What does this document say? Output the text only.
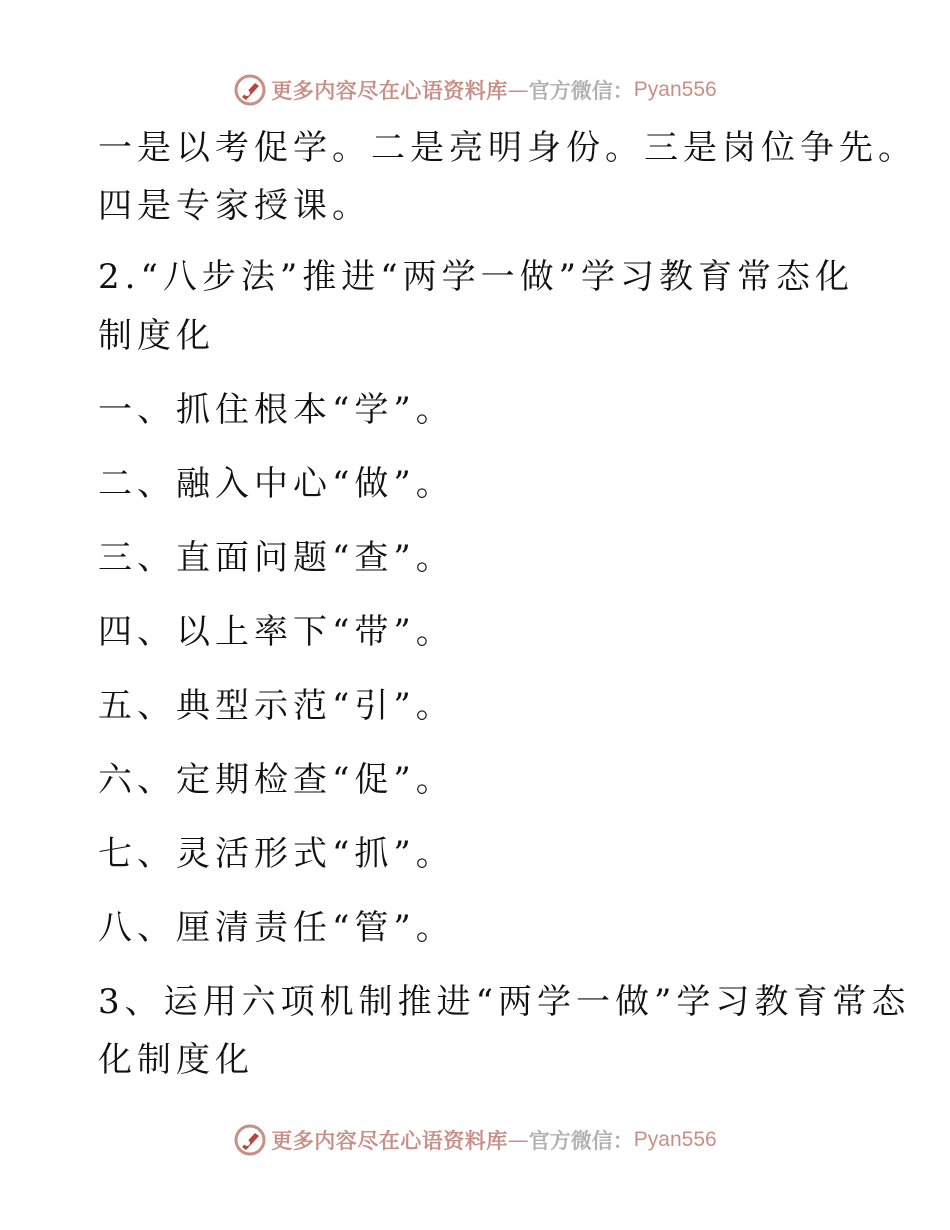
更多内容尽在心语资料库 — 官方微信： Pyan556
一是以考促学。二是亮明身份。三是岗位争先。
四是专家授课。
2.“八步法”推进“两学一做”学习教育常态化
制度化
一、抓住根本“学”。
二、融入中心“做”。
三、直面问题“查”。
四、以上率下“带”。
五、典型示范“引”。
六、定期检查“促”。
七、灵活形式“抓”。
八、厘清责任“管”。
3、运用六项机制推进“两学一做”学习教育常态
化制度化
更多内容尽在心语资料库 — 官方微信： Pyan556
